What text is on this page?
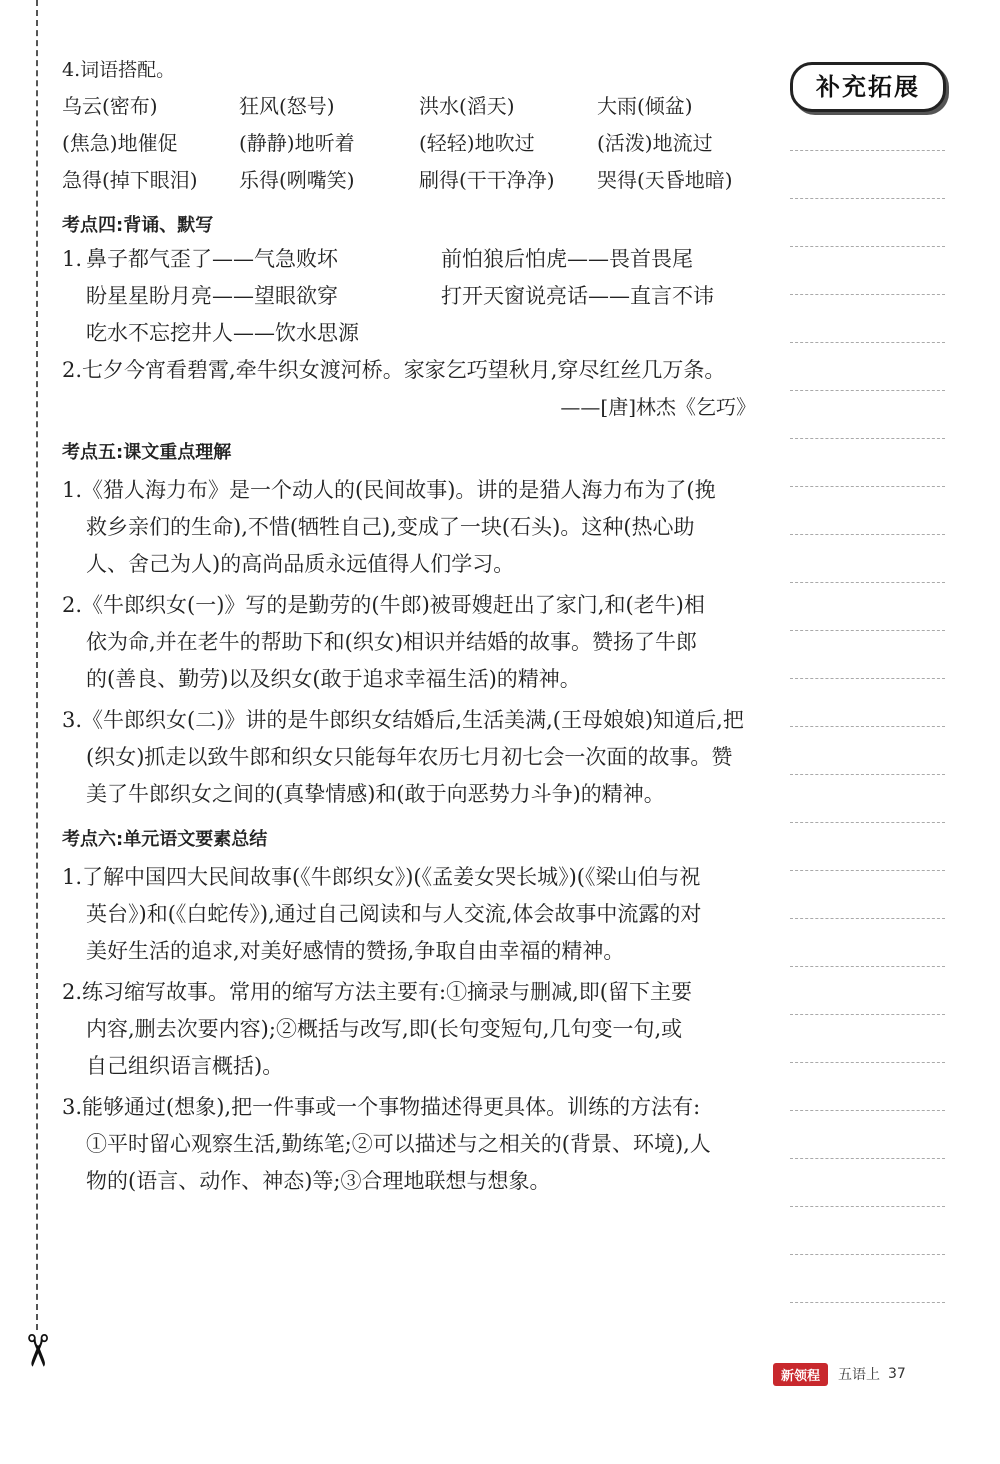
✂
4.词语搭配。
乌云(密布)	狂风(怒号)	洪水(滔天)	大雨(倾盆)
(焦急)地催促	(静静)地听着	(轻轻)地吹过	(活泼)地流过
急得(掉下眼泪)	乐得(咧嘴笑)	刷得(干干净净)	哭得(天昏地暗)
考点四:背诵、默写
1. 鼻子都气歪了——气急败坏	前怕狼后怕虎——畏首畏尾
盼星星盼月亮——望眼欲穿	打开天窗说亮话——直言不讳
吃水不忘挖井人——饮水思源
2.七夕今宵看碧霄,牵牛织女渡河桥。家家乞巧望秋月,穿尽红丝几万条。
——[唐]林杰《乞巧》
考点五:课文重点理解
1.《猎人海力布》是一个动人的(民间故事)。讲的是猎人海力布为了(挽
救乡亲们的生命),不惜(牺牲自己),变成了一块(石头)。这种(热心助
人、舍己为人)的高尚品质永远值得人们学习。
2.《牛郎织女(一)》写的是勤劳的(牛郎)被哥嫂赶出了家门,和(老牛)相
依为命,并在老牛的帮助下和(织女)相识并结婚的故事。赞扬了牛郎
的(善良、勤劳)以及织女(敢于追求幸福生活)的精神。
3.《牛郎织女(二)》讲的是牛郎织女结婚后,生活美满,(王母娘娘)知道后,把
(织女)抓走以致牛郎和织女只能每年农历七月初七会一次面的故事。赞
美了牛郎织女之间的(真挚情感)和(敢于向恶势力斗争)的精神。
考点六:单元语文要素总结
1.了解中国四大民间故事(《牛郎织女》)(《孟姜女哭长城》)(《梁山伯与祝
英台》)和(《白蛇传》),通过自己阅读和与人交流,体会故事中流露的对
美好生活的追求,对美好感情的赞扬,争取自由幸福的精神。
2.练习缩写故事。常用的缩写方法主要有:①摘录与删减,即(留下主要
内容,删去次要内容);②概括与改写,即(长句变短句,几句变一句,或
自己组织语言概括)。
3.能够通过(想象),把一件事或一个事物描述得更具体。训练的方法有:
①平时留心观察生活,勤练笔;②可以描述与之相关的(背景、环境),人
物的(语言、动作、神态)等;③合理地联想与想象。
补充拓展
新领程	五语上 37
